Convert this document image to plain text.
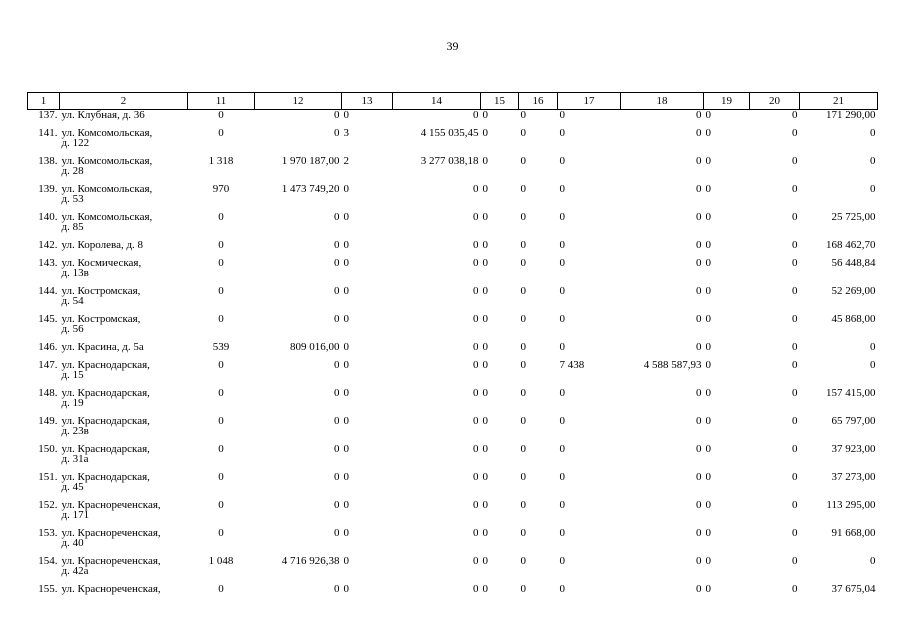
39
1	2	11	12	13	14	15	16	17	18	19	20	21
137.	ул. Клубная, д. 36	0	0	0	0	0	0	0	0	0	0	171 290,00
141.	ул. Комсомольская,
д. 122	0	0	3	4 155 035,45	0	0	0	0	0	0	0
138.	ул. Комсомольская,
д. 28	1 318	1 970 187,00	2	3 277 038,18	0	0	0	0	0	0	0
139.	ул. Комсомольская,
д. 53	970	1 473 749,20	0	0	0	0	0	0	0	0	0
140.	ул. Комсомольская,
д. 85	0	0	0	0	0	0	0	0	0	0	25 725,00
142.	ул. Королева, д. 8	0	0	0	0	0	0	0	0	0	0	168 462,70
143.	ул. Космическая,
д. 13в	0	0	0	0	0	0	0	0	0	0	56 448,84
144.	ул. Костромская,
д. 54	0	0	0	0	0	0	0	0	0	0	52 269,00
145.	ул. Костромская,
д. 56	0	0	0	0	0	0	0	0	0	0	45 868,00
146.	ул. Красина, д. 5а	539	809 016,00	0	0	0	0	0	0	0	0	0
147.	ул. Краснодарская,
д. 15	0	0	0	0	0	0	7 438	4 588 587,93	0	0	0
148.	ул. Краснодарская,
д. 19	0	0	0	0	0	0	0	0	0	0	157 415,00
149.	ул. Краснодарская,
д. 23в	0	0	0	0	0	0	0	0	0	0	65 797,00
150.	ул. Краснодарская,
д. 31а	0	0	0	0	0	0	0	0	0	0	37 923,00
151.	ул. Краснодарская,
д. 45	0	0	0	0	0	0	0	0	0	0	37 273,00
152.	ул. Краснореченская,
д. 171	0	0	0	0	0	0	0	0	0	0	113 295,00
153.	ул. Краснореченская,
д. 40	0	0	0	0	0	0	0	0	0	0	91 668,00
154.	ул. Краснореченская,
д. 42а	1 048	4 716 926,38	0	0	0	0	0	0	0	0	0
155.	ул. Краснореченская,	0	0	0	0	0	0	0	0	0	0	37 675,04
